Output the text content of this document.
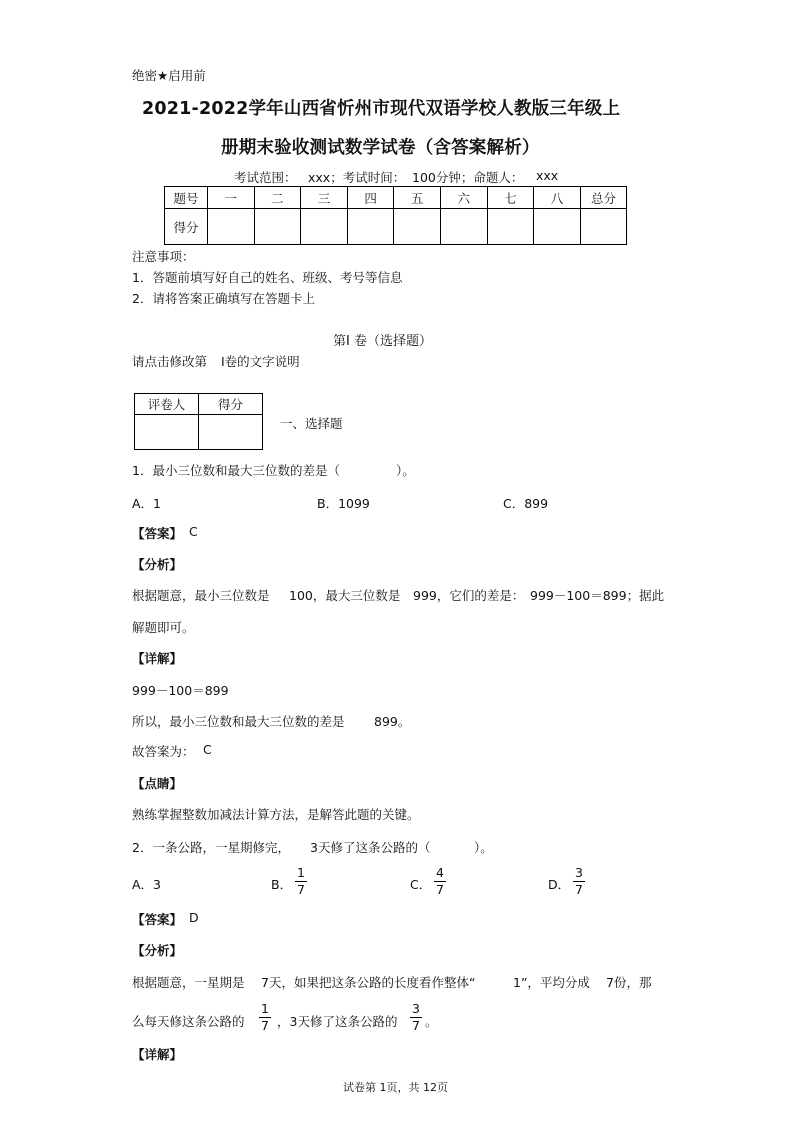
绝密★启用前
2021-2022学年山西省忻州市现代双语学校人教版三年级上
册期末验收测试数学试卷（含答案解析）
考试范围： xxx；考试时间： 100分钟；命题人： xxx
题号	一	二	三	四	五	六	七	八	总分
得分									
注意事项：
1．答题前填写好自己的姓名、班级、考号等信息
2．请将答案正确填写在答题卡上
第Ⅰ 卷（选择题）
请点击修改第 Ⅰ卷的文字说明
评卷人	得分

一、选择题
1．最小三位数和最大三位数的差是（	）。
A．1	B．1099	C．899
【答案】 C
【分析】
根据题意，最小三位数是 100，最大三位数是 999，它们的差是： 999－100＝899；据此
解题即可。
【详解】
999－100＝899
所以，最小三位数和最大三位数的差是 899。
故答案为： C
【点睛】
熟练掌握整数加减法计算方法，是解答此题的关键。
2．一条公路，一星期修完， 3天修了这条公路的（	）。
A．3	B．
1
7	C．
4
7	D．
3
7
【答案】 D
【分析】
根据题意，一星期是 7天，如果把这条公路的长度看作整体“	1”，平均分成 7份，那
么每天修这条公路的
1
7 ，3天修了这条公路的
3
7 。
【详解】
试卷第 1页，共 12页
